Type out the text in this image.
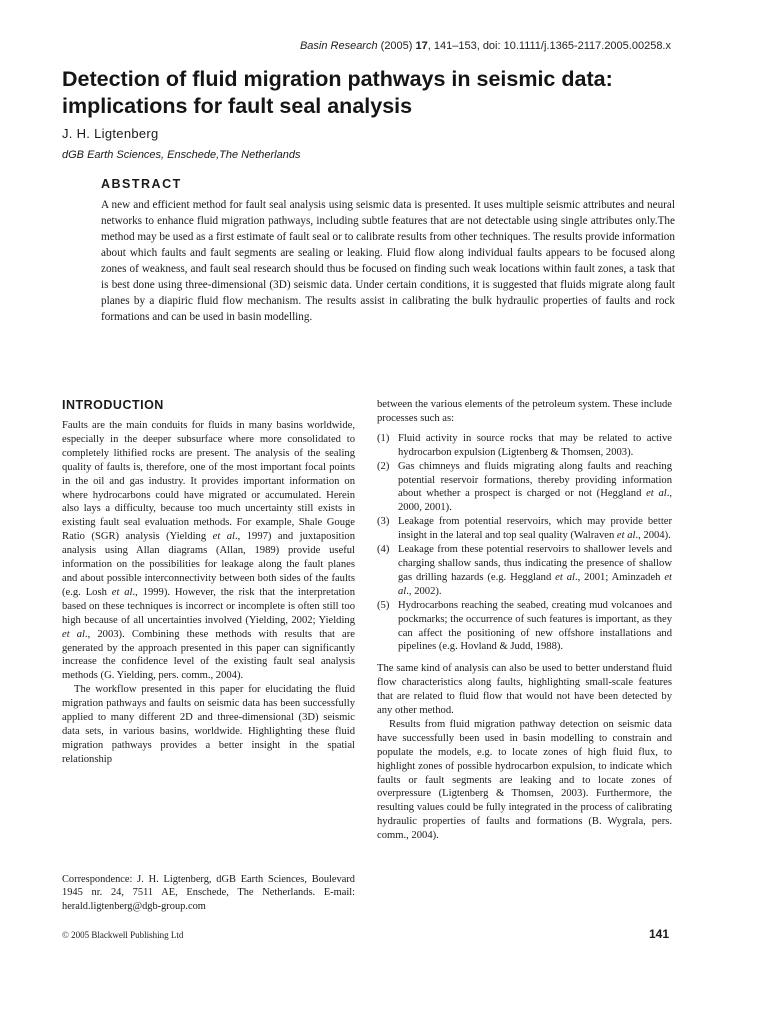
Basin Research (2005) 17, 141–153, doi: 10.1111/j.1365-2117.2005.00258.x
Detection of fluid migration pathways in seismic data: implications for fault seal analysis
J. H. Ligtenberg
dGB Earth Sciences, Enschede,The Netherlands
ABSTRACT

A new and efficient method for fault seal analysis using seismic data is presented. It uses multiple seismic attributes and neural networks to enhance fluid migration pathways, including subtle features that are not detectable using single attributes only.The method may be used as a first estimate of fault seal or to calibrate results from other techniques. The results provide information about which faults and fault segments are sealing or leaking. Fluid flow along individual faults appears to be focused along zones of weakness, and fault seal research should thus be focused on finding such weak locations within fault zones, a task that is best done using three-dimensional (3D) seismic data. Under certain conditions, it is suggested that fluids migrate along fault planes by a diapiric fluid flow mechanism. The results assist in calibrating the bulk hydraulic properties of faults and rock formations and can be used in basin modelling.

INTRODUCTION

Faults are the main conduits for fluids in many basins worldwide, especially in the deeper subsurface where more consolidated to completely lithified rocks are present. The analysis of the sealing quality of faults is, therefore, one of the most important focal points in the oil and gas industry. It provides important information on where hydrocarbons could have migrated or accumulated. Herein also lays a difficulty, because too much uncertainty still exists in existing fault seal evaluation methods. For example, Shale Gouge Ratio (SGR) analysis (Yielding et al., 1997) and juxtaposition analysis using Allan diagrams (Allan, 1989) provide useful information on the possibilities for leakage along the fault planes and about possible interconnectivity between both sides of the faults (e.g. Losh et al., 1999). However, the risk that the interpretation based on these techniques is incorrect or incomplete is often still too high because of all uncertainties involved (Yielding, 2002; Yielding et al., 2003). Combining these methods with results that are generated by the approach presented in this paper can significantly increase the confidence level of the existing fault seal analysis methods (G. Yielding, pers. comm., 2004).

The workflow presented in this paper for elucidating the fluid migration pathways and faults on seismic data has been successfully applied to many different 2D and three-dimensional (3D) seismic data sets, in various basins, worldwide. Highlighting these fluid migration pathways provides a better insight in the spatial relationship

between the various elements of the petroleum system. These include processes such as:

(1) Fluid activity in source rocks that may be related to active hydrocarbon expulsion (Ligtenberg & Thomsen, 2003).
(2) Gas chimneys and fluids migrating along faults and reaching potential reservoir formations, thereby providing information about whether a prospect is charged or not (Heggland et al., 2000, 2001).
(3) Leakage from potential reservoirs, which may provide better insight in the lateral and top seal quality (Walraven et al., 2004).
(4) Leakage from these potential reservoirs to shallower levels and charging shallow sands, thus indicating the presence of shallow gas drilling hazards (e.g. Heggland et al., 2001; Aminzadeh et al., 2002).
(5) Hydrocarbons reaching the seabed, creating mud volcanoes and pockmarks; the occurrence of such features is important, as they can affect the positioning of new offshore installations and pipelines (e.g. Hovland & Judd, 1988).

The same kind of analysis can also be used to better understand fluid flow characteristics along faults, highlighting small-scale features that are related to fluid flow that would not have been detected by any other method.

Results from fluid migration pathway detection on seismic data have successfully been used in basin modelling to constrain and populate the models, e.g. to locate zones of high fluid flux, to highlight zones of possible hydrocarbon expulsion, to indicate which faults or fault segments are leaking and to locate zones of overpressure (Ligtenberg & Thomsen, 2003). Furthermore, the resulting values could be fully integrated in the process of calibrating hydraulic properties of faults and formations (B. Wygrala, pers. comm., 2004).

Correspondence: J. H. Ligtenberg, dGB Earth Sciences, Boulevard 1945 nr. 24, 7511 AE, Enschede, The Netherlands. E-mail: herald.ligtenberg@dgb-group.com

© 2005 Blackwell Publishing Ltd	141
